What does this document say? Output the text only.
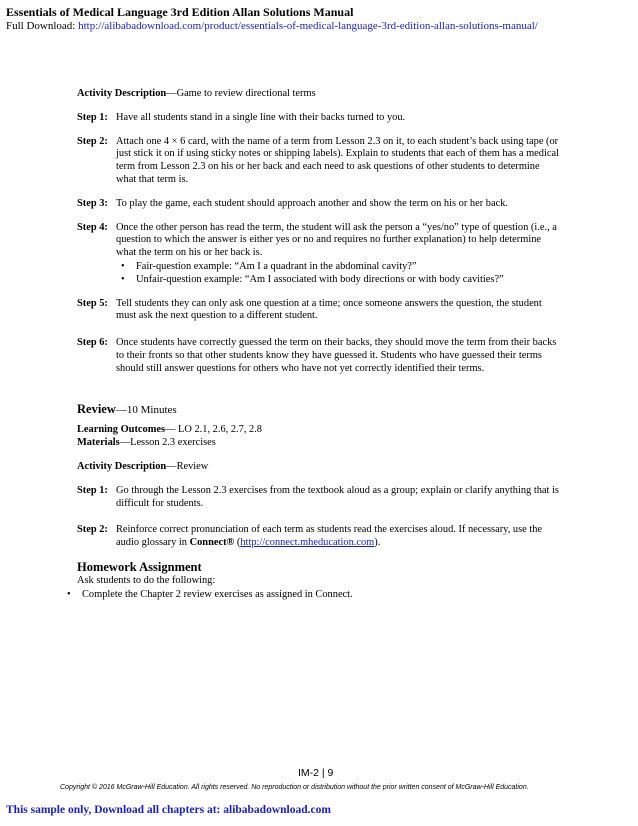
Essentials of Medical Language 3rd Edition Allan Solutions Manual
Full Download: http://alibabadownload.com/product/essentials-of-medical-language-3rd-edition-allan-solutions-manual/

Activity Description—Game to review directional terms

Step 1: Have all students stand in a single line with their backs turned to you.
Step 2: Attach one 4 × 6 card, with the name of a term from Lesson 2.3 on it, to each student’s back using tape (or just stick it on if using sticky notes or shipping labels). Explain to students that each of them has a medical term from Lesson 2.3 on his or her back and each need to ask questions of other students to determine what that term is.
Step 3: To play the game, each student should approach another and show the term on his or her back.
Step 4: Once the other person has read the term, the student will ask the person a “yes/no” type of question (i.e., a question to which the answer is either yes or no and requires no further explanation) to help determine what the term on his or her back is.
• Fair-question example: “Am I a quadrant in the abdominal cavity?”
• Unfair-question example: “Am I associated with body directions or with body cavities?”
Step 5: Tell students they can only ask one question at a time; once someone answers the question, the student must ask the next question to a different student.
Step 6: Once students have correctly guessed the term on their backs, they should move the term from their backs to their fronts so that other students know they have guessed it. Students who have guessed their terms should still answer questions for others who have not yet correctly identified their terms.
Review—10 Minutes
Learning Outcomes— LO 2.1, 2.6, 2.7, 2.8

Materials—Lesson 2.3 exercises

Activity Description—Review

Step 1: Go through the Lesson 2.3 exercises from the textbook aloud as a group; explain or clarify anything that is difficult for students.
Step 2: Reinforce correct pronunciation of each term as students read the exercises aloud. If necessary, use the audio glossary in Connect® (http://connect.mheducation.com).
Homework Assignment
Ask students to do the following:
• Complete the Chapter 2 review exercises as assigned in Connect.
IM-2 | 9
Copyright © 2016 McGraw-Hill Education. All rights reserved. No reproduction or distribution without the prior written consent of McGraw-Hill Education.
This sample only, Download all chapters at: alibabadownload.com
